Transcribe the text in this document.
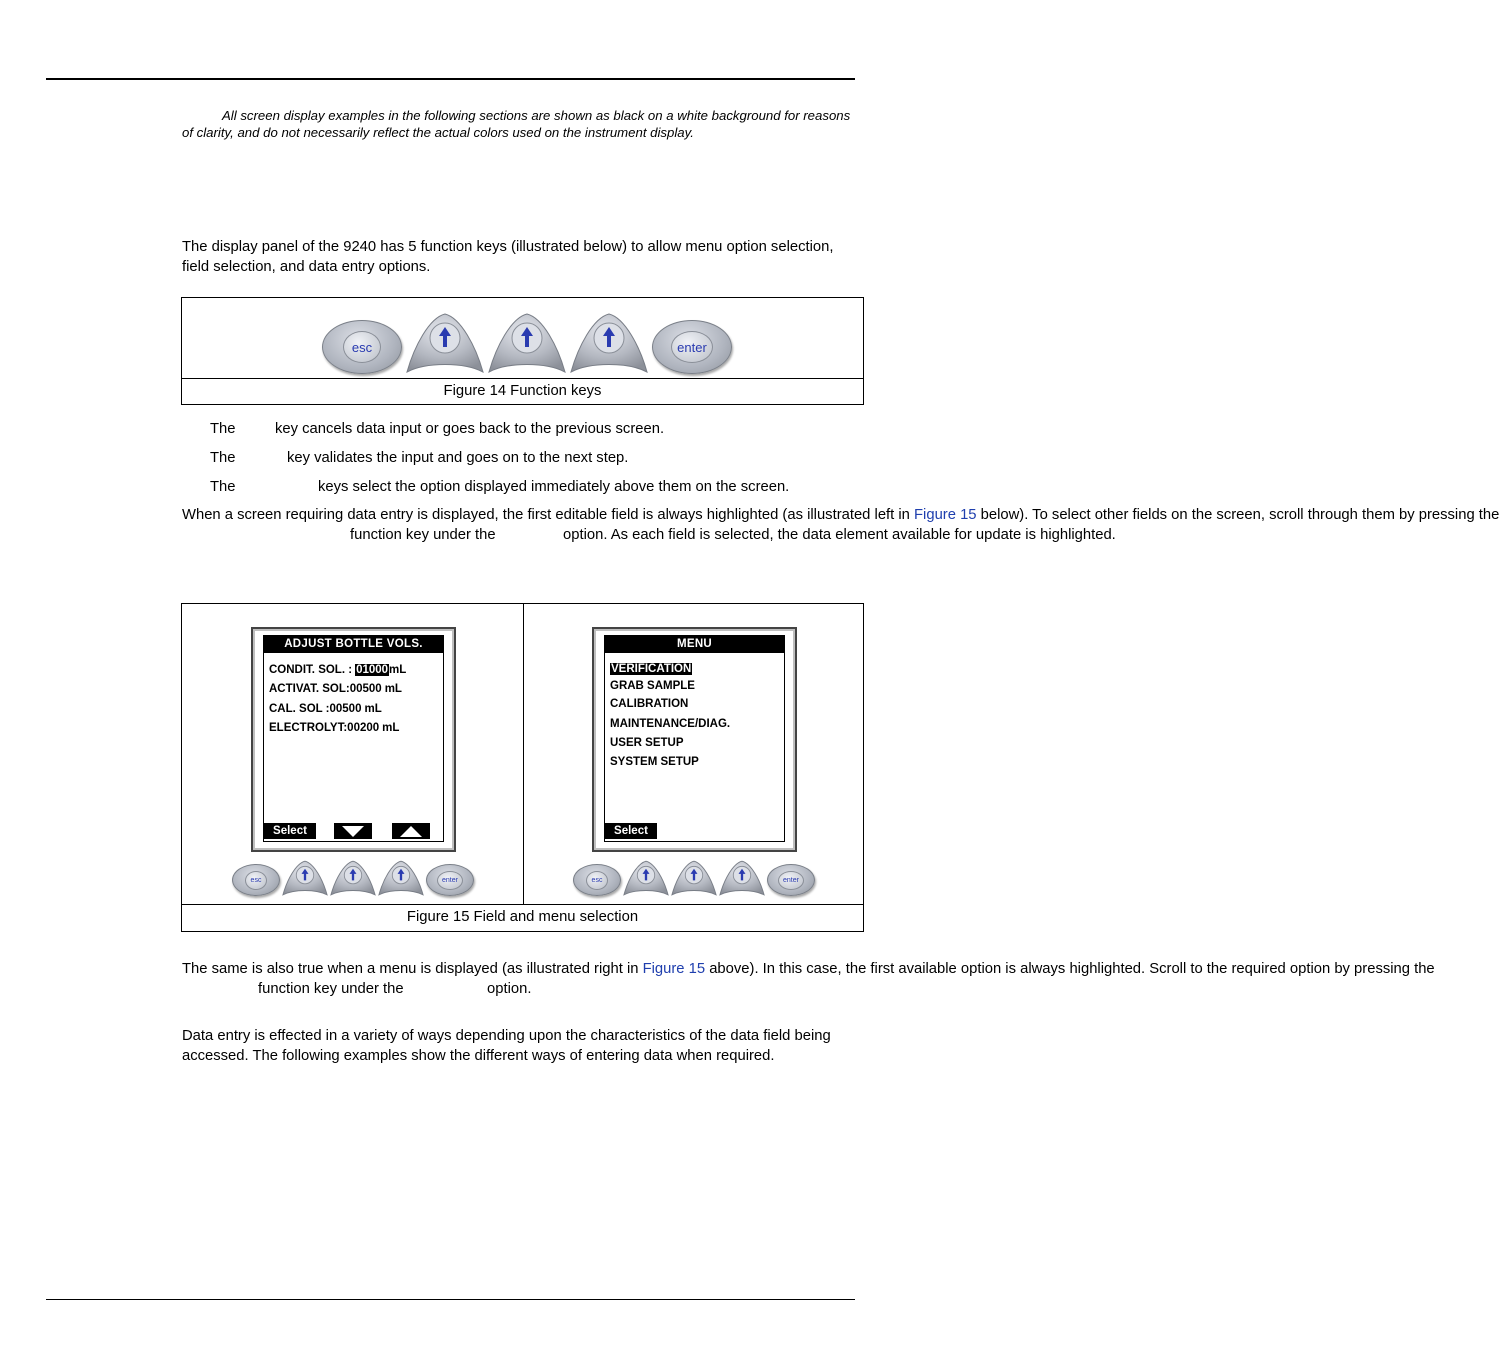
All screen display examples in the following sections are shown as black on a white background for reasons of clarity, and do not necessarily reflect the actual colors used on the instrument display.
The display panel of the 9240 has 5 function keys (illustrated below) to allow menu option selection, field selection, and data entry options.
esc	enter
Figure 14 Function keys
The	key cancels data input or goes back to the previous screen.
The	key validates the input and goes on to the next step.
The	keys select the option displayed immediately above them on the screen.
When a screen requiring data entry is displayed, the first editable field is always highlighted (as illustrated left in Figure 15 below). To select other fields on the screen, scroll through them by pressing the
function key under the	option. As each field is selected, the data element available for update is highlighted.
ADJUST BOTTLE VOLS.
CONDIT. SOL. : 01000mL
ACTIVAT. SOL:00500 mL
CAL. SOL :00500 mL
ELECTROLYT:00200 mL
Select
esc	enter
MENU
VERIFICATION
GRAB SAMPLE
CALIBRATION
MAINTENANCE/DIAG.
USER SETUP
SYSTEM SETUP
Select
esc	enter
Figure 15 Field and menu selection
The same is also true when a menu is displayed (as illustrated right in Figure 15 above). In this case, the first available option is always highlighted. Scroll to the required option by pressing the
function key under the	option.
Data entry is effected in a variety of ways depending upon the characteristics of the data field being accessed. The following examples show the different ways of entering data when required.
